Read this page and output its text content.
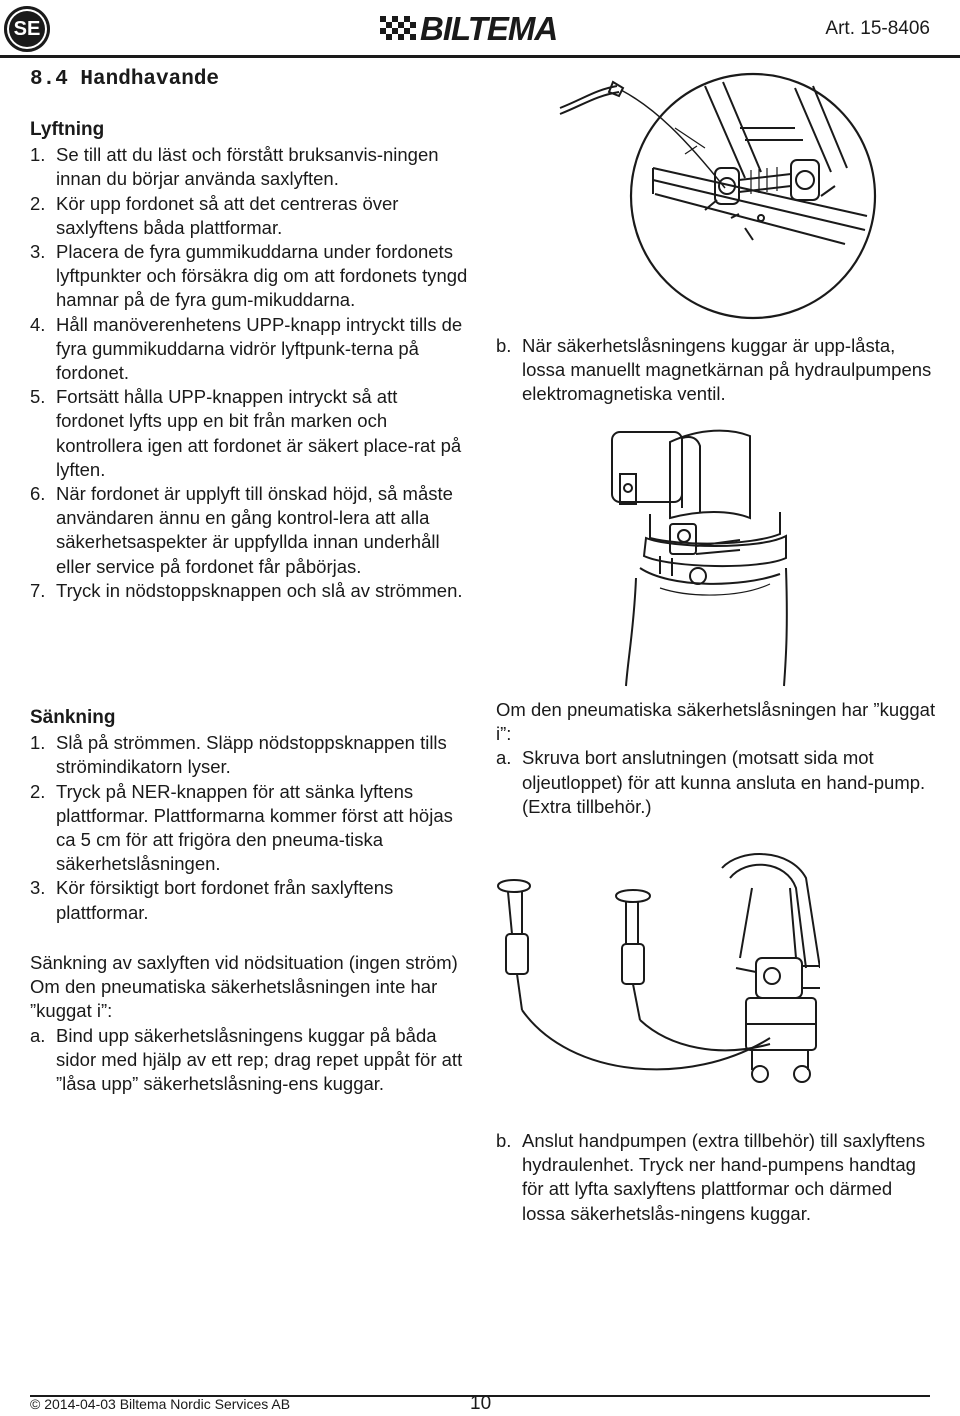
SE	BILTEMA	Art. 15-8406
8.4 Handhavande

Lyftning

1. Se till att du läst och förstått bruksanvis-ningen innan du börjar använda saxlyften.
2. Kör upp fordonet så att det centreras över saxlyftens båda plattformar.
3. Placera de fyra gummikuddarna under fordonets lyftpunkter och försäkra dig om att fordonets tyngd hamnar på de fyra gum-mikuddarna.
4. Håll manöverenhetens UPP-knapp intryckt tills de fyra gummikuddarna vidrör lyftpunk-terna på fordonet.
5. Fortsätt hålla UPP-knappen intryckt så att fordonet lyfts upp en bit från marken och kontrollera igen att fordonet är säkert place-rat på lyften.
6. När fordonet är upplyft till önskad höjd, så måste användaren ännu en gång kontrol-lera att alla säkerhetsaspekter är uppfyllda innan underhåll eller service på fordonet får påbörjas.
7. Tryck in nödstoppsknappen och slå av strömmen.

Sänkning

1. Slå på strömmen. Släpp nödstoppsknappen tills strömindikatorn lyser.
2. Tryck på NER-knappen för att sänka lyftens plattformar. Plattformarna kommer först att höjas ca 5 cm för att frigöra den pneuma-tiska säkerhetslåsningen.
3. Kör försiktigt bort fordonet från saxlyftens plattformar.

Sänkning av saxlyften vid nödsituation (ingen ström)

Om den pneumatiska säkerhetslåsningen inte har ”kuggat i”:

a. Bind upp säkerhetslåsningens kuggar på båda sidor med hjälp av ett rep; drag repet uppåt för att ”låsa upp” säkerhetslåsning-ens kuggar.
b. När säkerhetslåsningens kuggar är upp-låsta, lossa manuellt magnetkärnan på hydraulpumpens elektromagnetiska ventil.

Om den pneumatiska säkerhetslåsningen har ”kuggat i”:

a. Skruva bort anslutningen (motsatt sida mot oljeutloppet) för att kunna ansluta en hand-pump. (Extra tillbehör.)
b. Anslut handpumpen (extra tillbehör) till saxlyftens hydraulenhet. Tryck ner hand-pumpens handtag för att lyfta saxlyftens plattformar och därmed lossa säkerhetslås-ningens kuggar.
© 2014-04-03 Biltema Nordic Services AB	10
